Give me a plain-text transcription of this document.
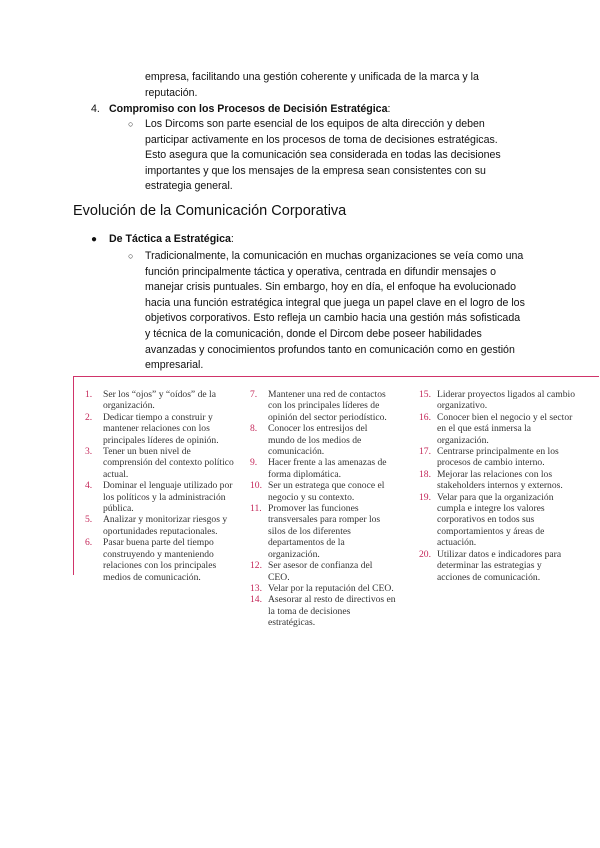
empresa, facilitando una gestión coherente y unificada de la marca y la reputación.
4. Compromiso con los Procesos de Decisión Estratégica:
○ Los Dircoms son parte esencial de los equipos de alta dirección y deben participar activamente en los procesos de toma de decisiones estratégicas. Esto asegura que la comunicación sea considerada en todas las decisiones importantes y que los mensajes de la empresa sean consistentes con su estrategia general.
Evolución de la Comunicación Corporativa
● De Táctica a Estratégica:
○ Tradicionalmente, la comunicación en muchas organizaciones se veía como una función principalmente táctica y operativa, centrada en difundir mensajes o manejar crisis puntuales. Sin embargo, hoy en día, el enfoque ha evolucionado hacia una función estratégica integral que juega un papel clave en el logro de los objetivos corporativos. Esto refleja un cambio hacia una gestión más sofisticada y técnica de la comunicación, donde el Dircom debe poseer habilidades avanzadas y conocimientos profundos tanto en comunicación como en gestión empresarial.
1. Ser los “ojos” y “oídos” de la organización.
2. Dedicar tiempo a construir y mantener relaciones con los principales líderes de opinión.
3. Tener un buen nivel de comprensión del contexto político actual.
4. Dominar el lenguaje utilizado por los políticos y la administración pública.
5. Analizar y monitorizar riesgos y oportunidades reputacionales.
6. Pasar buena parte del tiempo construyendo y manteniendo relaciones con los principales medios de comunicación.
7. Mantener una red de contactos con los principales líderes de opinión del sector periodístico.
8. Conocer los entresijos del mundo de los medios de comunicación.
9. Hacer frente a las amenazas de forma diplomática.
10. Ser un estratega que conoce el negocio y su contexto.
11. Promover las funciones transversales para romper los silos de los diferentes departamentos de la organización.
12. Ser asesor de confianza del CEO.
13. Velar por la reputación del CEO.
14. Asesorar al resto de directivos en la toma de decisiones estratégicas.
15. Liderar proyectos ligados al cambio organizativo.
16. Conocer bien el negocio y el sector en el que está inmersa la organización.
17. Centrarse principalmente en los procesos de cambio interno.
18. Mejorar las relaciones con los stakeholders internos y externos.
19. Velar para que la organización cumpla e integre los valores corporativos en todos sus comportamientos y áreas de actuación.
20. Utilizar datos e indicadores para determinar las estrategias y acciones de comunicación.
